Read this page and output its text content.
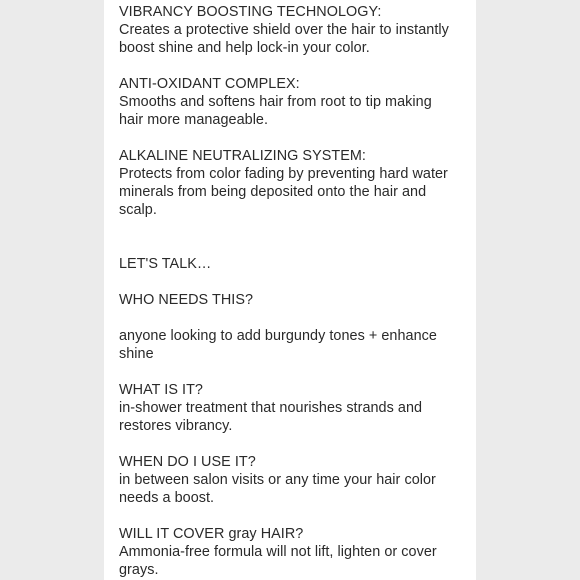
VIBRANCY BOOSTING TECHNOLOGY:
Creates a protective shield over the hair to instantly
boost shine and help lock-in your color.
ANTI-OXIDANT COMPLEX:
Smooths and softens hair from root to tip making
hair more manageable.
ALKALINE NEUTRALIZING SYSTEM:
Protects from color fading by preventing hard water
minerals from being deposited onto the hair and
scalp.
LET'S TALK…
WHO NEEDS THIS?
anyone looking to add burgundy tones + enhance
shine
WHAT IS IT?
in-shower treatment that nourishes strands and
restores vibrancy.
WHEN DO I USE IT?
in between salon visits or any time your hair color
needs a boost.
WILL IT COVER gray HAIR?
Ammonia-free formula will not lift, lighten or cover
grays.
